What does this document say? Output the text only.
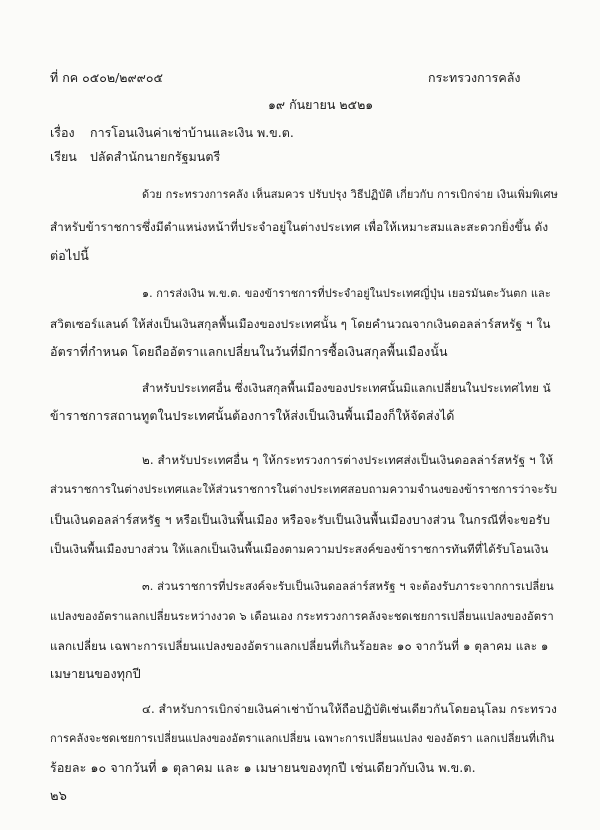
ที่ กค ๐๕๐๒/๒๙๙๐๕	กระทรวงการคลัง
๑๙ กันยายน ๒๕๒๑
เรื่อง การโอนเงินค่าเช่าบ้านและเงิน พ.ข.ต.
เรียน ปลัดสำนักนายกรัฐมนตรี
ด้วย กระทรวงการคลัง เห็นสมควร ปรับปรุง วิธีปฏิบัติ เกี่ยวกับ การเบิกจ่าย เงินเพิ่มพิเศษ
สำหรับข้าราชการซึ่งมีตำแหน่งหน้าที่ประจำอยู่ในต่างประเทศ เพื่อให้เหมาะสมและสะดวกยิ่งขึ้น ดัง
ต่อไปนี้
๑. การส่งเงิน พ.ข.ต. ของข้าราชการที่ประจำอยู่ในประเทศญี่ปุ่น เยอรมันตะวันตก และ
สวิตเซอร์แลนด์ ให้ส่งเป็นเงินสกุลพื้นเมืองของประเทศนั้น ๆ โดยคำนวณจากเงินดอลล่าร์สหรัฐ ฯ ใน
อัตราที่กำหนด โดยถืออัตราแลกเปลี่ยนในวันที่มีการซื้อเงินสกุลพื้นเมืองนั้น
สำหรับประเทศอื่น ซึ่งเงินสกุลพื้นเมืองของประเทศนั้นมิแลกเปลี่ยนในประเทศไทย นั
ข้าราชการสถานทูตในประเทศนั้นต้องการให้ส่งเป็นเงินพื้นเมืองก็ให้จัดส่งได้
๒. สำหรับประเทศอื่น ๆ ให้กระทรวงการต่างประเทศส่งเป็นเงินดอลล่าร์สหรัฐ ฯ ให้
ส่วนราชการในต่างประเทศและให้ส่วนราชการในต่างประเทศสอบถามความจำนงของข้าราชการว่าจะรับ
เป็นเงินดอลล่าร์สหรัฐ ฯ หรือเป็นเงินพื้นเมือง หรือจะรับเป็นเงินพื้นเมืองบางส่วน ในกรณีที่จะขอรับ
เป็นเงินพื้นเมืองบางส่วน ให้แลกเป็นเงินพื้นเมืองตามความประสงค์ของข้าราชการทันทีที่ได้รับโอนเงิน
๓. ส่วนราชการที่ประสงค์จะรับเป็นเงินดอลล่าร์สหรัฐ ฯ จะต้องรับภาระจากการเปลี่ยน
แปลงของอัตราแลกเปลี่ยนระหว่างงวด ๖ เดือนเอง กระทรวงการคลังจะชดเชยการเปลี่ยนแปลงของอัตรา
แลกเปลี่ยน เฉพาะการเปลี่ยนแปลงของอัตราแลกเปลี่ยนที่เกินร้อยละ ๑๐ จากวันที่ ๑ ตุลาคม และ ๑
เมษายนของทุกปี
๔. สำหรับการเบิกจ่ายเงินค่าเช่าบ้านให้ถือปฏิบัติเช่นเดียวกันโดยอนุโลม กระทรวง
การคลังจะชดเชยการเปลี่ยนแปลงของอัตราแลกเปลี่ยน เฉพาะการเปลี่ยนแปลง ของอัตรา แลกเปลี่ยนที่เกิน
ร้อยละ ๑๐ จากวันที่ ๑ ตุลาคม และ ๑ เมษายนของทุกปี เช่นเดียวกับเงิน พ.ข.ต.
๒๖
